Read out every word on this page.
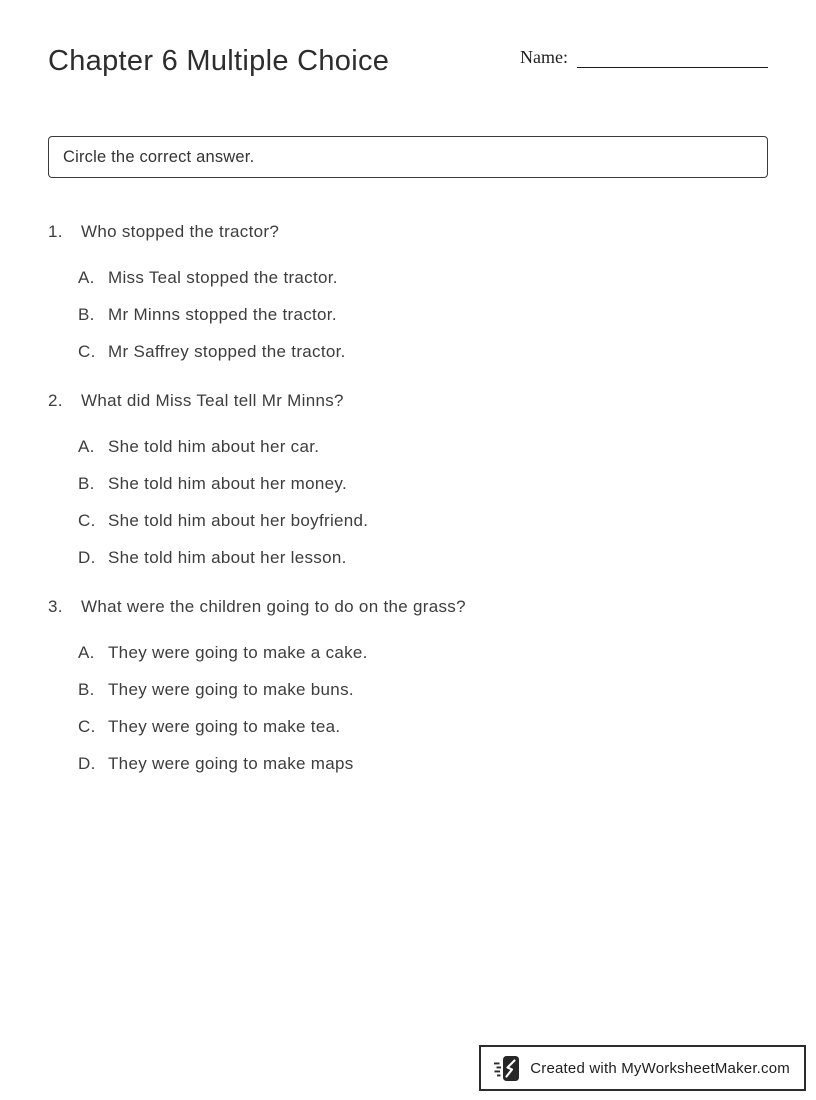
Chapter 6 Multiple Choice	Name:
Circle the correct answer.
1.	Who stopped the tractor?
A. Miss Teal stopped the tractor.
B. Mr Minns stopped the tractor.
C. Mr Saffrey stopped the tractor.
2.	What did Miss Teal tell Mr Minns?
A. She told him about her car.
B. She told him about her money.
C. She told him about her boyfriend.
D. She told him about her lesson.
3.	What were the children going to do on the grass?
A. They were going to make a cake.
B. They were going to make buns.
C. They were going to make tea.
D. They were going to make maps
Created with MyWorksheetMaker.com
